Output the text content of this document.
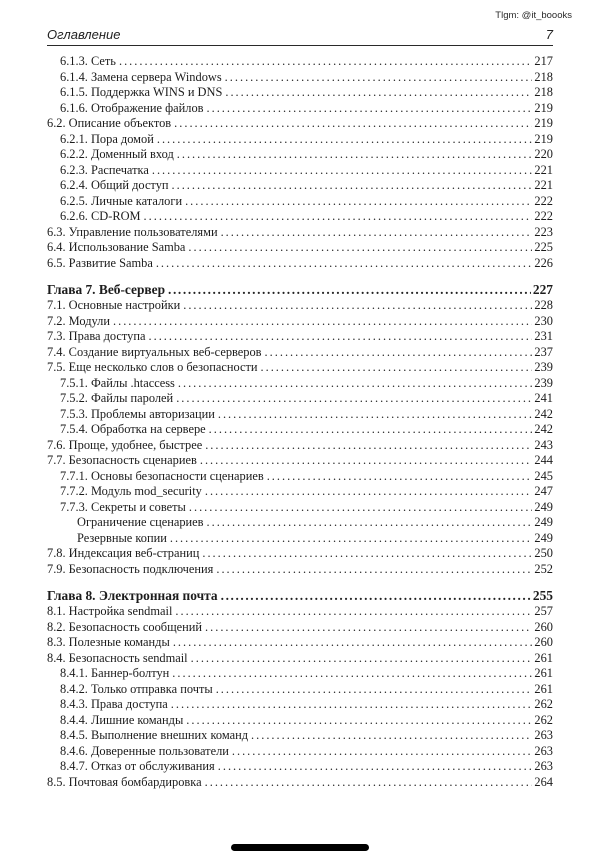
Tlgm: @it_boooks
Оглавление	7
6.1.3. Сеть .....	217
6.1.4. Замена сервера Windows .....	218
6.1.5. Поддержка WINS и DNS .....	218
6.1.6. Отображение файлов .....	219
6.2. Описание объектов .....	219
6.2.1. Пора домой .....	219
6.2.2. Доменный вход .....	220
6.2.3. Распечатка .....	221
6.2.4. Общий доступ .....	221
6.2.5. Личные каталоги .....	222
6.2.6. CD-ROM .....	222
6.3. Управление пользователями .....	223
6.4. Использование Samba .....	225
6.5. Развитие Samba .....	226
Глава 7. Веб-сервер .....	227
7.1. Основные настройки .....	228
7.2. Модули .....	230
7.3. Права доступа .....	231
7.4. Создание виртуальных веб-серверов .....	237
7.5. Еще несколько слов о безопасности .....	239
7.5.1. Файлы .htaccess .....	239
7.5.2. Файлы паролей .....	241
7.5.3. Проблемы авторизации .....	242
7.5.4. Обработка на сервере .....	242
7.6. Проще, удобнее, быстрее .....	243
7.7. Безопасность сценариев .....	244
7.7.1. Основы безопасности сценариев .....	245
7.7.2. Модуль mod_security .....	247
7.7.3. Секреты и советы .....	249
Ограничение сценариев .....	249
Резервные копии .....	249
7.8. Индексация веб-страниц .....	250
7.9. Безопасность подключения .....	252
Глава 8. Электронная почта .....	255
8.1. Настройка sendmail .....	257
8.2. Безопасность сообщений .....	260
8.3. Полезные команды .....	260
8.4. Безопасность sendmail .....	261
8.4.1. Баннер-болтун .....	261
8.4.2. Только отправка почты .....	261
8.4.3. Права доступа .....	262
8.4.4. Лишние команды .....	262
8.4.5. Выполнение внешних команд .....	263
8.4.6. Доверенные пользователи .....	263
8.4.7. Отказ от обслуживания .....	263
8.5. Почтовая бомбардировка .....	264
